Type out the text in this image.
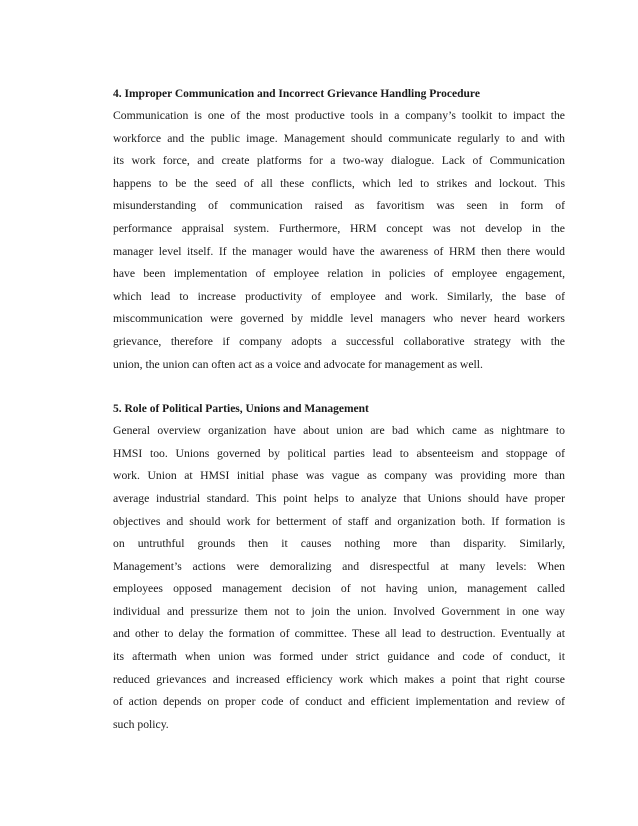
4. Improper Communication and Incorrect Grievance Handling Procedure
Communication is one of the most productive tools in a company’s toolkit to impact the
workforce and the public image. Management should communicate regularly to and with
its work force, and create platforms for a two-way dialogue. Lack of Communication
happens to be the seed of all these conflicts, which led to strikes and lockout. This
misunderstanding of communication raised as favoritism was seen in form of
performance appraisal system. Furthermore, HRM concept was not develop in the
manager level itself. If the manager would have the awareness of HRM then there would
have been implementation of employee relation in policies of employee engagement,
which lead to increase productivity of employee and work. Similarly, the base of
miscommunication were governed by middle level managers who never heard workers
grievance, therefore if company adopts a successful collaborative strategy with the
union, the union can often act as a voice and advocate for management as well.
5. Role of Political Parties, Unions and Management
General overview organization have about union are bad which came as nightmare to
HMSI too. Unions governed by political parties lead to absenteeism and stoppage of
work. Union at HMSI initial phase was vague as company was providing more than
average industrial standard. This point helps to analyze that Unions should have proper
objectives and should work for betterment of staff and organization both. If formation is
on untruthful grounds then it causes nothing more than disparity. Similarly,
Management’s actions were demoralizing and disrespectful at many levels: When
employees opposed management decision of not having union, management called
individual and pressurize them not to join the union. Involved Government in one way
and other to delay the formation of committee. These all lead to destruction. Eventually at
its aftermath when union was formed under strict guidance and code of conduct, it
reduced grievances and increased efficiency work which makes a point that right course
of action depends on proper code of conduct and efficient implementation and review of
such policy.
